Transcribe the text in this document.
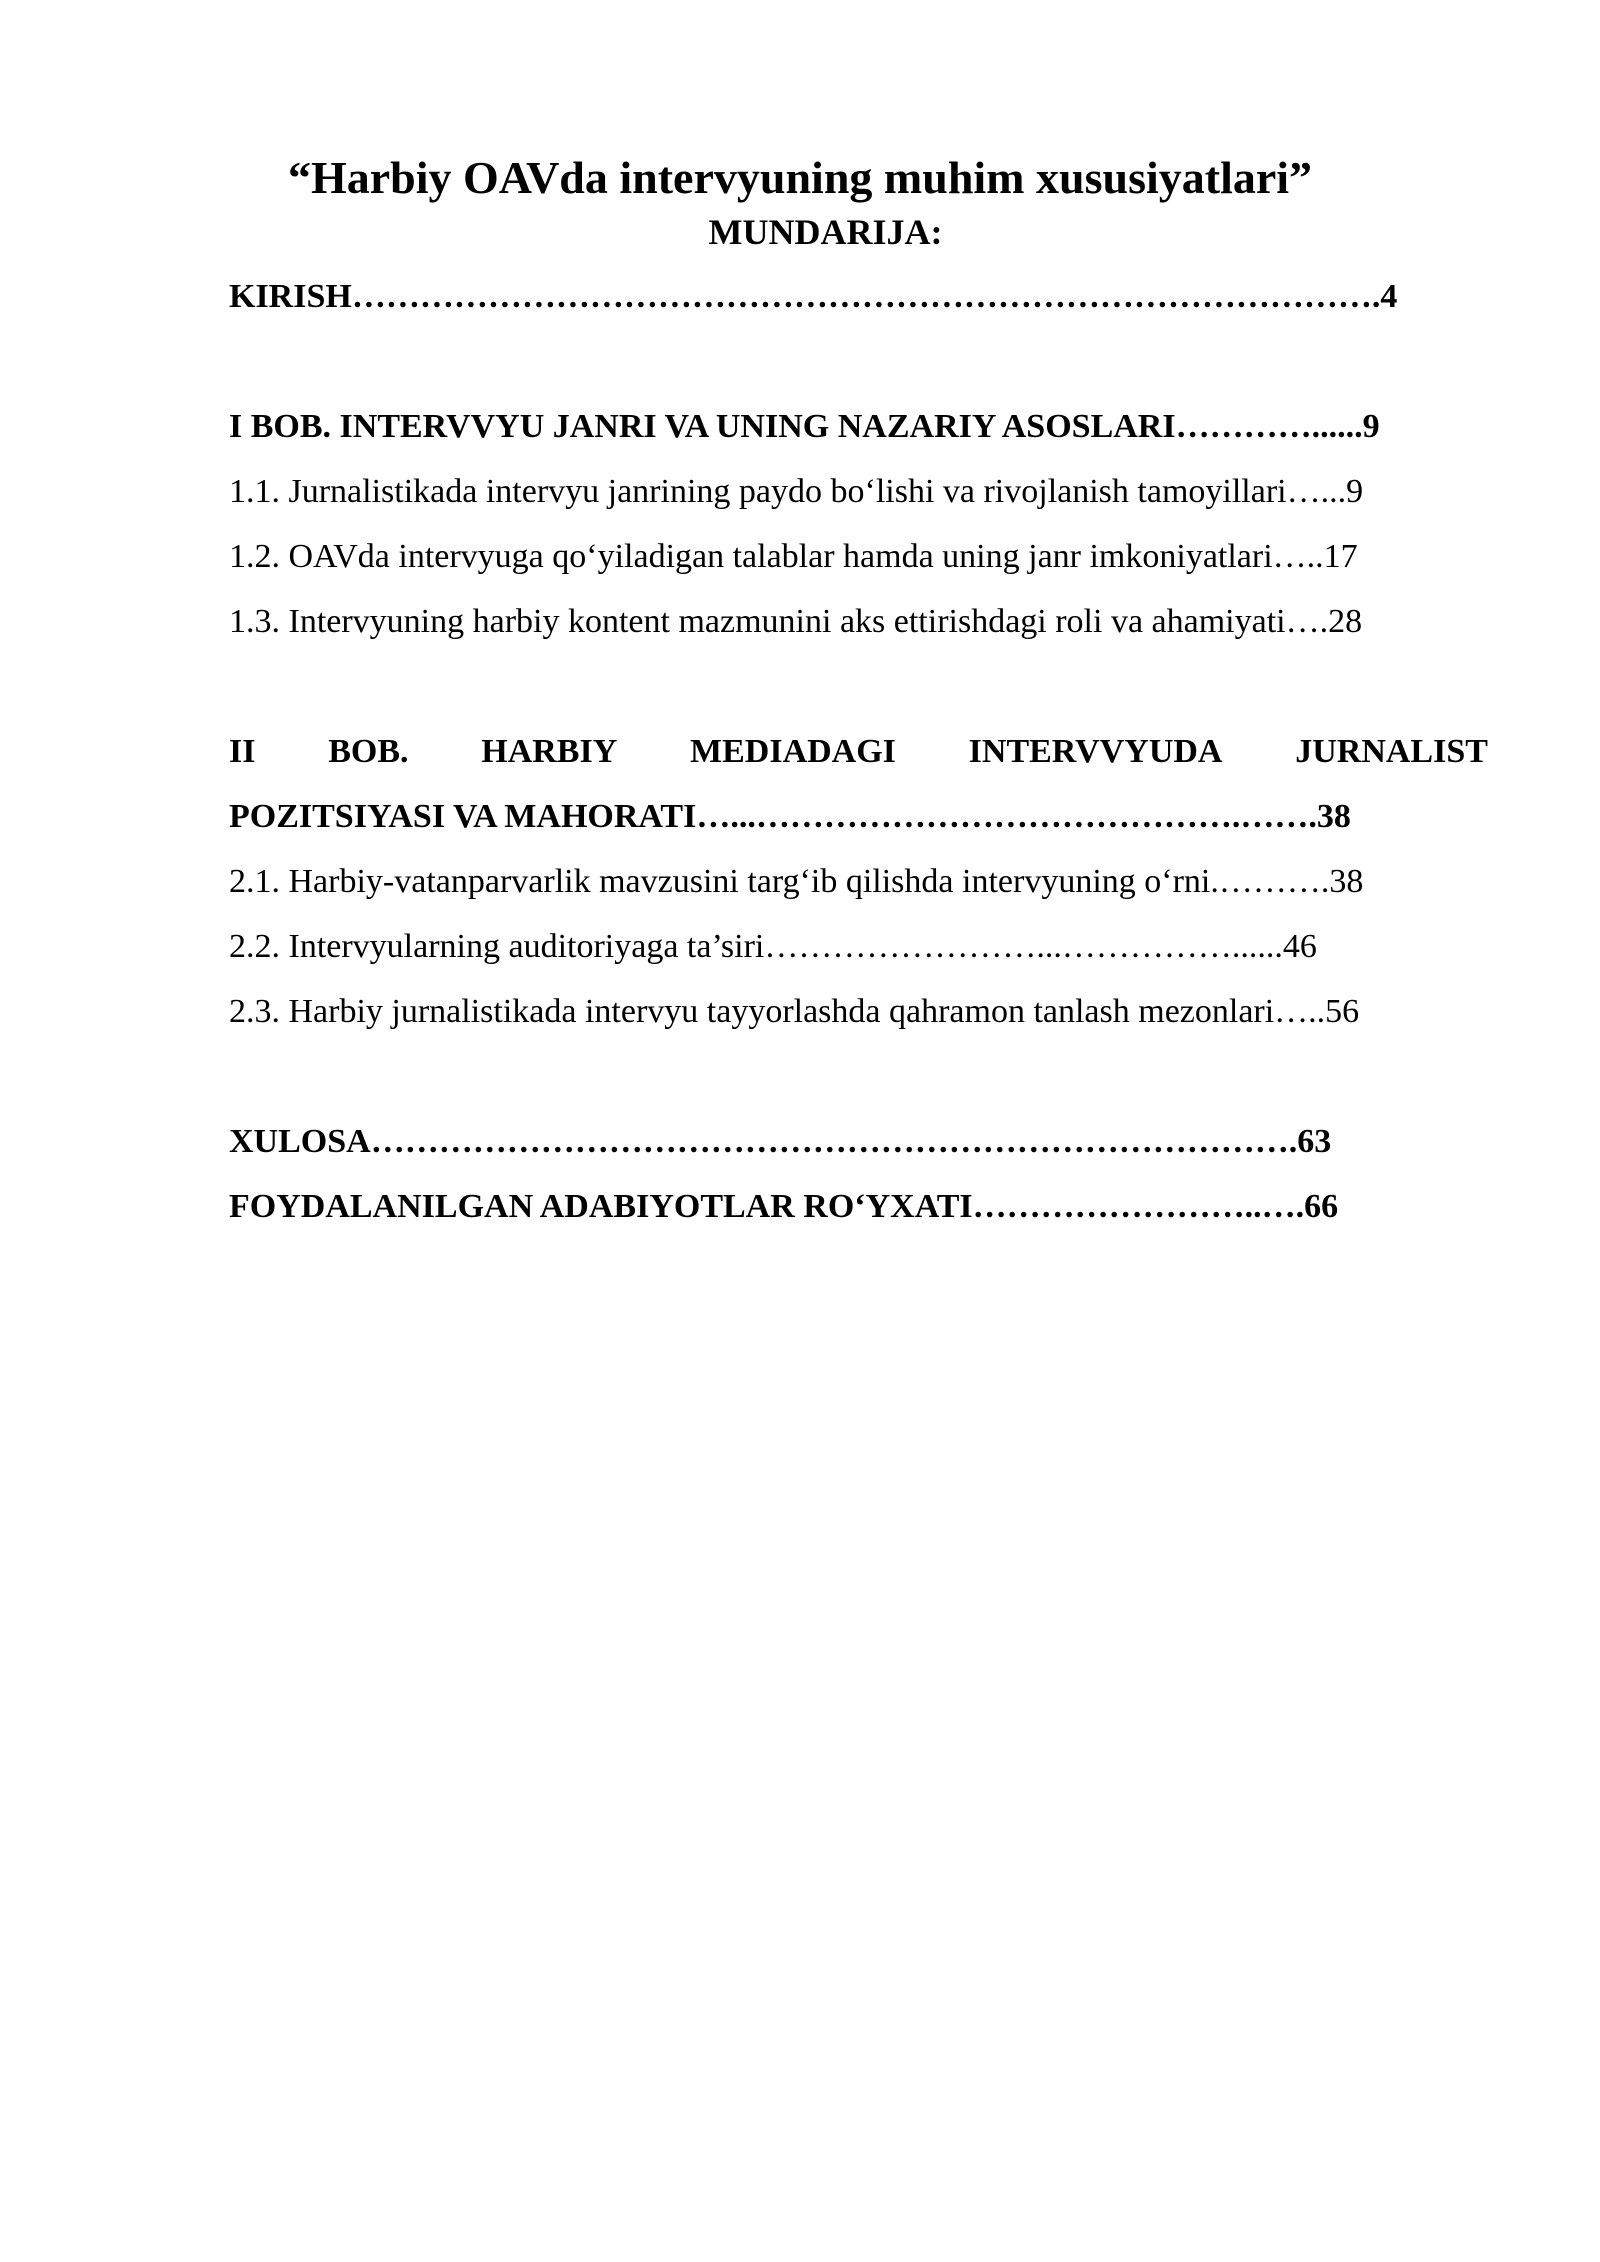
“Harbiy OAVda intervyuning muhim xususiyatlari”
MUNDARIJA:
KIRISH……………………………………………………………………………….4
I BOB. INTERVVYU JANRI VA UNING NAZARIY ASOSLARI…………......9
1.1. Jurnalistikada intervyu janrining paydo bo‘lishi va rivojlanish tamoyillari…...9
1.2. OAVda intervyuga qo‘yiladigan talablar hamda uning janr imkoniyatlari…..17
1.3. Intervyuning harbiy kontent mazmunini aks ettirishdagi roli va ahamiyati….28
II BOB. HARBIY MEDIADAGI INTERVVYUDA JURNALIST
POZITSIYASI VA MAHORATI…...…………………………………….…….38
2.1. Harbiy-vatanparvarlik mavzusini targ‘ib qilishda intervyuning o‘rni.……….38
2.2. Intervyularning auditoriyaga ta’siri……………………...……………......46
2.3. Harbiy jurnalistikada intervyu tayyorlashda qahramon tanlash mezonlari…..56
XULOSA……………………………………………………………………….63
FOYDALANILGAN ADABIYOTLAR RO‘YXATI……………………..….66
